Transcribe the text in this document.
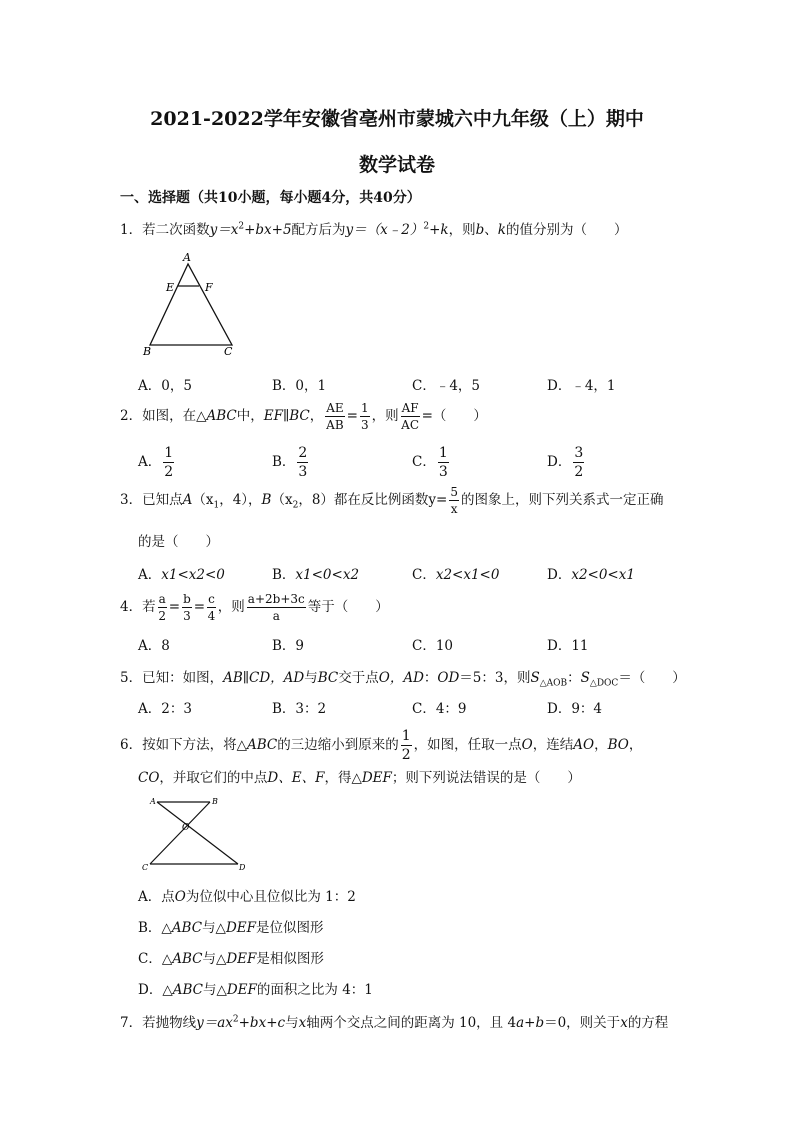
2021-2022学年安徽省亳州市蒙城六中九年级（上）期中
数学试卷
一、选择题（共10小题，每小题4分，共40分）
1．若二次函数$y=x^2+bx+5$配方后为y＝（x﹣2）$^2$+k，则b、k的值分别为（　　）
A
E	F
B	C
A．0，5	B．0，1	C．﹣4，5	D．﹣4，1
2．如图，在△ABC中，EF∥BC， $\frac{AE}{AB} = \frac{1}{3}$ ，则 $\frac{AF}{AC}$ =（　　）
A． $\frac{1}{2}$	B． $\frac{2}{3}$	C． $\frac{1}{3}$	D． $\frac{3}{2}$
3．已知点$A(x_1$，4），$B(x_2$，8）都在反比例函数$y= \frac{5}{x}$ 的图象上，则下列关系式一定正确
的是（　　）
A．x1<x2<0	B．x1<0<x2	C．x2<x1<0	D．x2<0<x1
4．若 $\frac{a}{2} = \frac{b}{3} = \frac{c}{4}$ ，则 $\frac{a+2b+3c}{a}$ 等于（　　）
A．8	B．9	C．10	D．11
5．已知：如图，AB∥CD，AD与BC交于点O，AD：OD＝5：3，则$S_{\triangle AOB}$：$S_{\triangle DOC}=$（　　）
A．2：3	B．3：2	C．4：9	D．9：4
6．按如下方法，将△ABC的三边缩小到原来的 $\frac{1}{2}$ ，如图，任取一点O，连结AO，BO，
CO，并取它们的中点D、E、F，得△DEF；则下列说法错误的是（　　）
A	B
O
C	D
A．点O为位似中心且位似比为 1：2
B．△ABC与△DEF是位似图形
C．△ABC与△DEF是相似图形
D．△ABC与△DEF的面积之比为 4：1
7．若抛物线$y=ax^2+bx+c$与x轴两个交点之间的距离为 10，且 4a+b＝0，则关于x的方程
